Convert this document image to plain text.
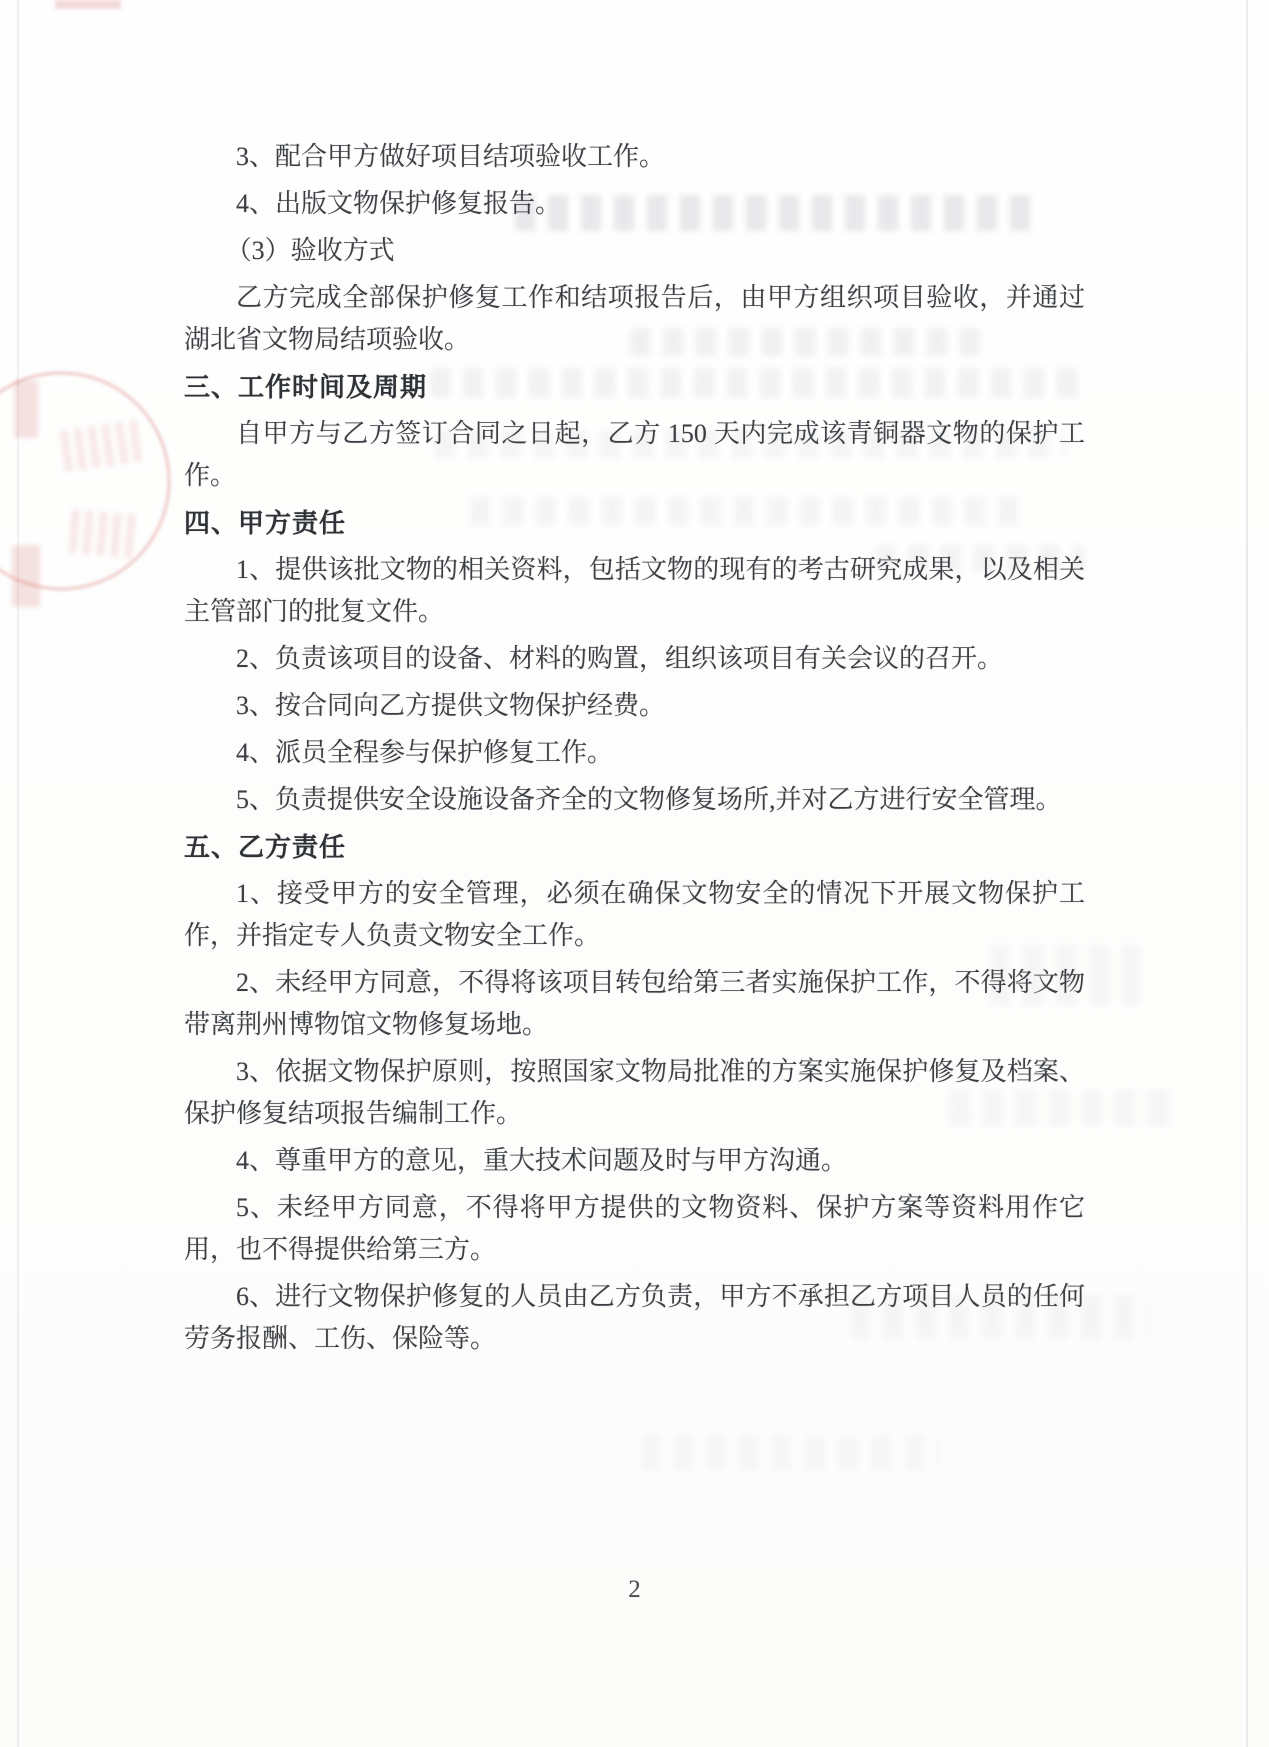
3、配合甲方做好项目结项验收工作。

4、出版文物保护修复报告。

（3）验收方式

乙方完成全部保护修复工作和结项报告后，由甲方组织项目验收，并通过湖北省文物局结项验收。

三、工作时间及周期

自甲方与乙方签订合同之日起，乙方 150 天内完成该青铜器文物的保护工作。

四、甲方责任

1、提供该批文物的相关资料，包括文物的现有的考古研究成果，以及相关主管部门的批复文件。

2、负责该项目的设备、材料的购置，组织该项目有关会议的召开。

3、按合同向乙方提供文物保护经费。

4、派员全程参与保护修复工作。

5、负责提供安全设施设备齐全的文物修复场所,并对乙方进行安全管理。

五、乙方责任

1、接受甲方的安全管理，必须在确保文物安全的情况下开展文物保护工作，并指定专人负责文物安全工作。

2、未经甲方同意，不得将该项目转包给第三者实施保护工作，不得将文物带离荆州博物馆文物修复场地。

3、依据文物保护原则，按照国家文物局批准的方案实施保护修复及档案、保护修复结项报告编制工作。

4、尊重甲方的意见，重大技术问题及时与甲方沟通。

5、未经甲方同意，不得将甲方提供的文物资料、保护方案等资料用作它用，也不得提供给第三方。

6、进行文物保护修复的人员由乙方负责，甲方不承担乙方项目人员的任何劳务报酬、工伤、保险等。

2
